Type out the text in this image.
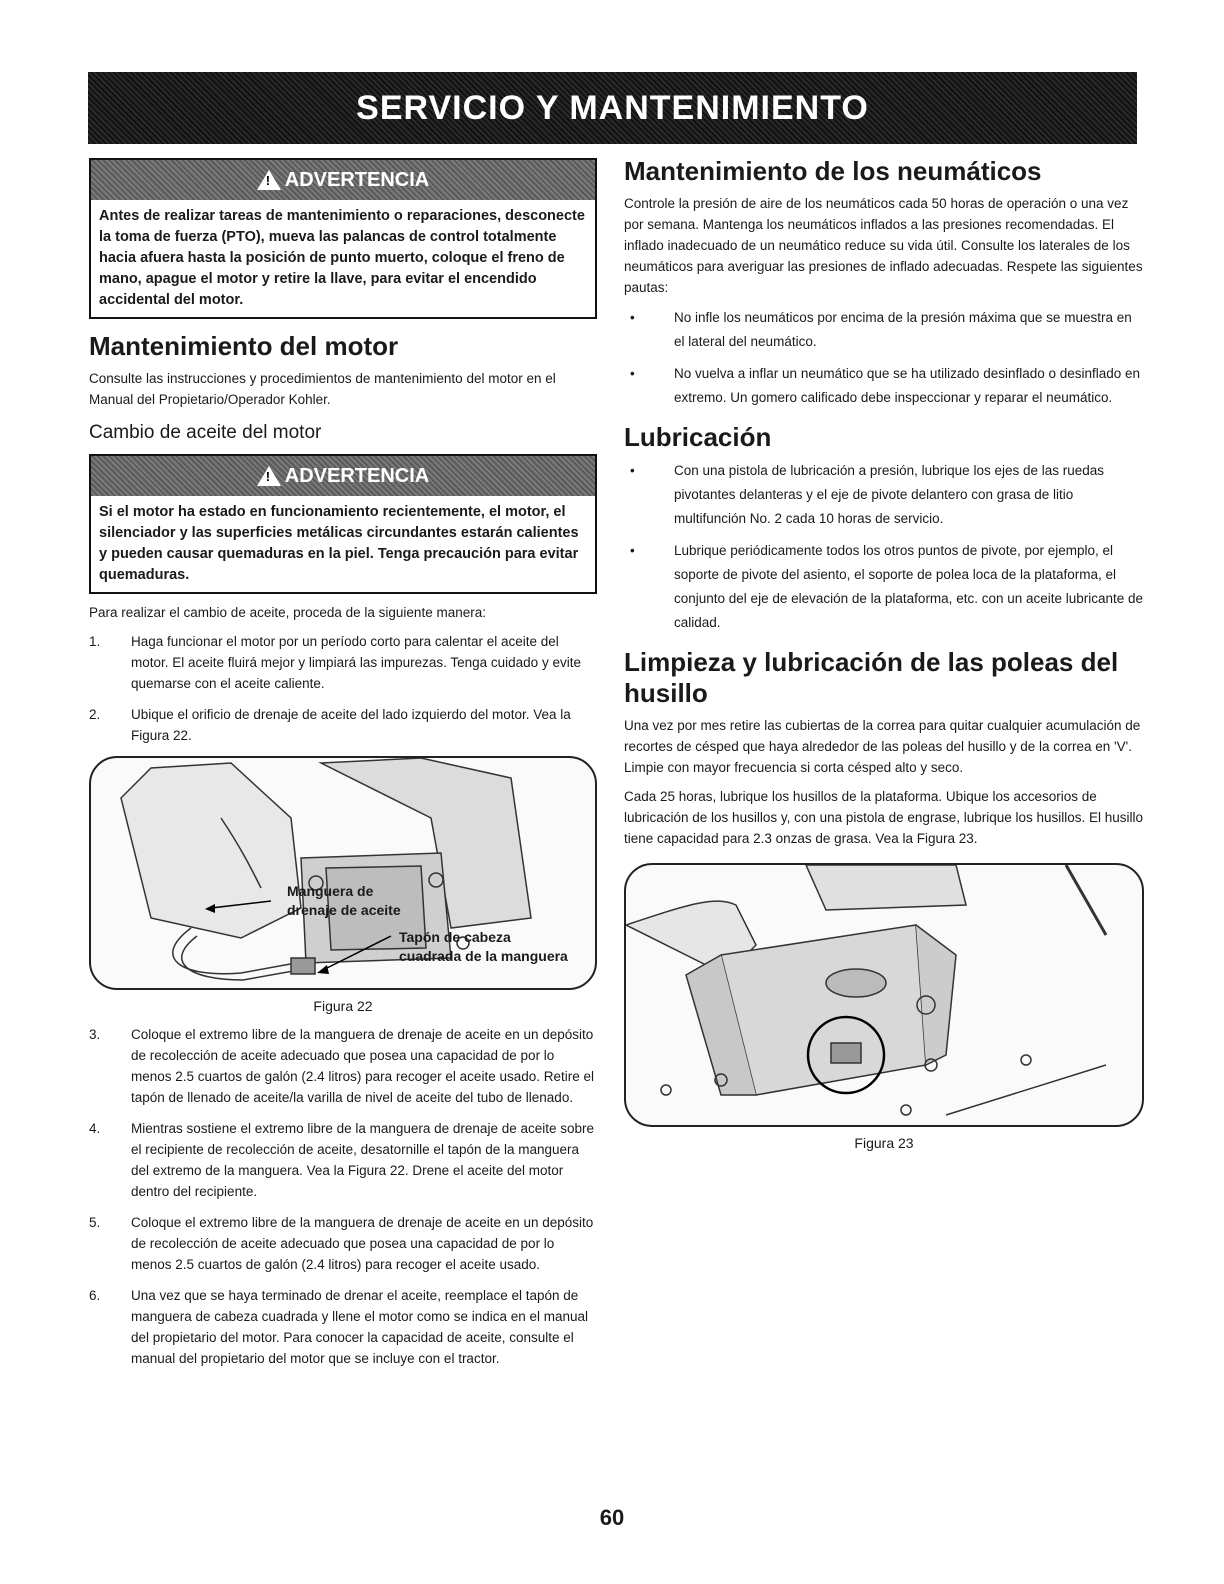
SERVICIO Y MANTENIMIENTO
!
ADVERTENCIA
Antes de realizar tareas de mantenimiento o reparaciones, desconecte la toma de fuerza (PTO), mueva las palancas de control totalmente hacia afuera hasta la posición de punto muerto, coloque el freno de mano, apague el motor y retire la llave, para evitar el encendido accidental del motor.
Mantenimiento del motor

Consulte las instrucciones y procedimientos de mantenimiento del motor en el Manual del Propietario/Operador Kohler.

Cambio de aceite del motor
!
ADVERTENCIA
Si el motor ha estado en funcionamiento recientemente, el motor, el silenciador y las superficies metálicas circundantes estarán calientes y pueden causar quemaduras en la piel. Tenga precaución para evitar quemaduras.

Para realizar el cambio de aceite, proceda de la siguiente manera:

1.	Haga funcionar el motor por un período corto para calentar el aceite del motor. El aceite fluirá mejor y limpiará las impurezas. Tenga cuidado y evite quemarse con el aceite caliente.
2.	Ubique el orificio de drenaje de aceite del lado izquierdo del motor. Vea la Figura 22.
Manguera de drenaje de aceite
Tapón de cabeza cuadrada de la manguera
Figura 22
3.	Coloque el extremo libre de la manguera de drenaje de aceite en un depósito de recolección de aceite adecuado que posea una capacidad de por lo menos 2.5 cuartos de galón (2.4 litros) para recoger el aceite usado. Retire el tapón de llenado de aceite/la varilla de nivel de aceite del tubo de llenado.
4.	Mientras sostiene el extremo libre de la manguera de drenaje de aceite sobre el recipiente de recolección de aceite, desatornille el tapón de la manguera del extremo de la manguera. Vea la Figura 22. Drene el aceite del motor dentro del recipiente.
5.	Coloque el extremo libre de la manguera de drenaje de aceite en un depósito de recolección de aceite adecuado que posea una capacidad de por lo menos 2.5 cuartos de galón (2.4 litros) para recoger el aceite usado.
6.	Una vez que se haya terminado de drenar el aceite, reemplace el tapón de manguera de cabeza cuadrada y llene el motor como se indica en el manual del propietario del motor. Para conocer la capacidad de aceite, consulte el manual del propietario del motor que se incluye con el tractor.
Mantenimiento de los neumáticos

Controle la presión de aire de los neumáticos cada 50 horas de operación o una vez por semana. Mantenga los neumáticos inflados a las presiones recomendadas. El inflado inadecuado de un neumático reduce su vida útil. Consulte los laterales de los neumáticos para averiguar las presiones de inflado adecuadas. Respete las siguientes pautas:

•	No infle los neumáticos por encima de la presión máxima que se muestra en el lateral del neumático.
•	No vuelva a inflar un neumático que se ha utilizado desinflado o desinflado en extremo. Un gomero calificado debe inspeccionar y reparar el neumático.
Lubricación
•	Con una pistola de lubricación a presión, lubrique los ejes de las ruedas pivotantes delanteras y el eje de pivote delantero con grasa de litio multifunción No. 2 cada 10 horas de servicio.
•	Lubrique periódicamente todos los otros puntos de pivote, por ejemplo, el soporte de pivote del asiento, el soporte de polea loca de la plataforma, el conjunto del eje de elevación de la plataforma, etc. con un aceite lubricante de calidad.
Limpieza y lubricación de las poleas del husillo

Una vez por mes retire las cubiertas de la correa para quitar cualquier acumulación de recortes de césped que haya alrededor de las poleas del husillo y de la correa en 'V'. Limpie con mayor frecuencia si corta césped alto y seco.

Cada 25 horas, lubrique los husillos de la plataforma. Ubique los accesorios de lubricación de los husillos y, con una pistola de engrase, lubrique los husillos. El husillo tiene capacidad para 2.3 onzas de grasa. Vea la Figura 23.

Figura 23
60
